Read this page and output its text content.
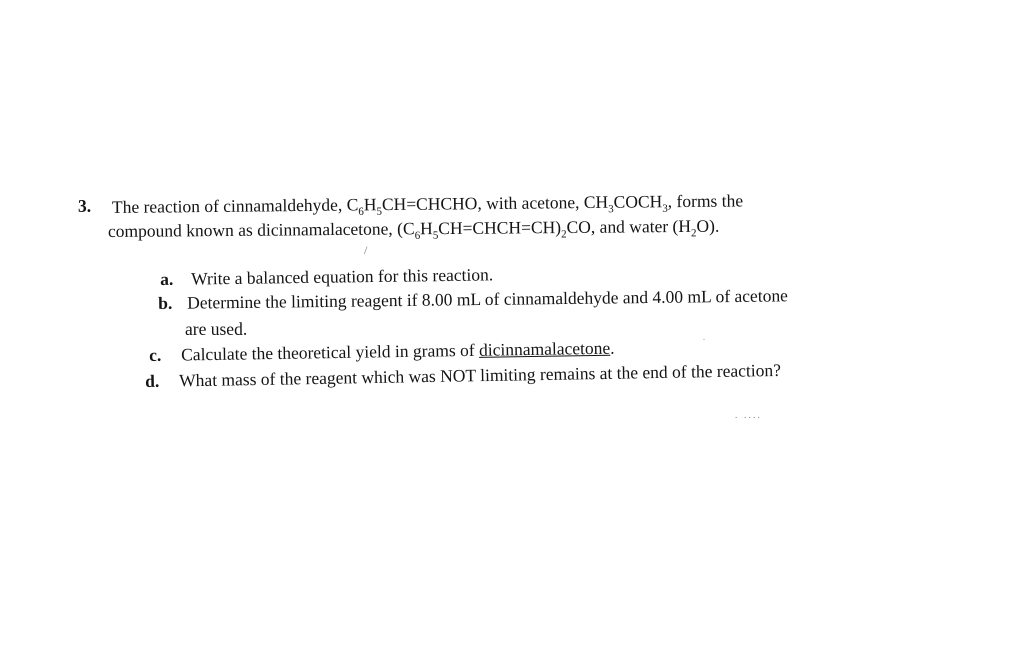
3. The reaction of cinnamaldehyde, $C_6H_5CH=CHCHO$, with acetone, $CH_3COCH_3$, forms the
compound known as dicinnamalacetone, $(C_6H_5CH=CHCH=CH)_2CO$, and water $(H_2O)$.
a. Write a balanced equation for this reaction.
b. Determine the limiting reagent if 8.00 mL of cinnamaldehyde and 4.00 mL of acetone
are used.
c. Calculate the theoretical yield in grams of dicinnamalacetone.
d. What mass of the reagent which was NOT limiting remains at the end of the reaction?
/
.
.   . . . .
